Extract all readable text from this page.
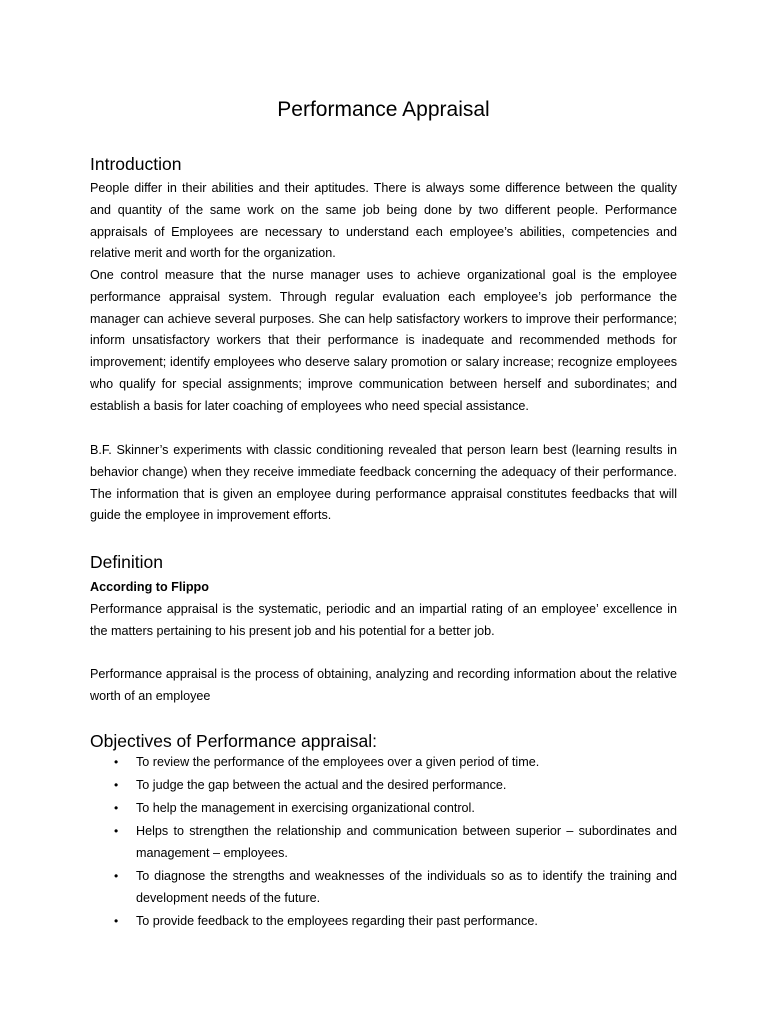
Performance Appraisal
Introduction

People differ in their abilities and their aptitudes. There is always some difference between the quality and quantity of the same work on the same job being done by two different people. Performance appraisals of Employees are necessary to understand each employee’s abilities, competencies and relative merit and worth for the organization.

One control measure that the nurse manager uses to achieve organizational goal is the employee performance appraisal system. Through regular evaluation each employee’s job performance the manager can achieve several purposes. She can help satisfactory workers to improve their performance; inform unsatisfactory workers that their performance is inadequate and recommended methods for improvement; identify employees who deserve salary promotion or salary increase; recognize employees who qualify for special assignments; improve communication between herself and subordinates; and establish a basis for later coaching of employees who need special assistance.

B.F. Skinner’s experiments with classic conditioning revealed that person learn best (learning results in behavior change) when they receive immediate feedback concerning the adequacy of their performance. The information that is given an employee during performance appraisal constitutes feedbacks that will guide the employee in improvement efforts.

Definition

According to Flippo

Performance appraisal is the systematic, periodic and an impartial rating of an employee’ excellence in the matters pertaining to his present job and his potential for a better job.

Performance appraisal is the process of obtaining, analyzing and recording information about the relative worth of an employee

Objectives of Performance appraisal:
• To review the performance of the employees over a given period of time.
• To judge the gap between the actual and the desired performance.
• To help the management in exercising organizational control.
• Helps to strengthen the relationship and communication between superior – subordinates and management – employees.
• To diagnose the strengths and weaknesses of the individuals so as to identify the training and development needs of the future.
• To provide feedback to the employees regarding their past performance.
